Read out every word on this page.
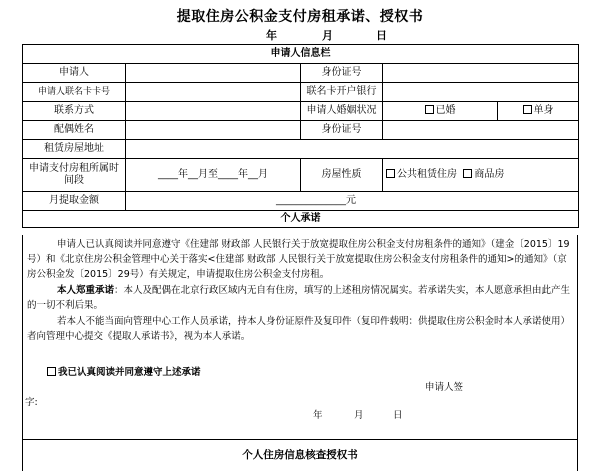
提取住房公积金支付房租承诺、授权书
年	月	日
申请人信息栏				
申请人		身份证号		
申请人联名卡卡号		联名卡开户银行		
联系方式		申请人婚姻状况	已婚	单身
配偶姓名		身份证号		
租赁房屋地址				
申请支付房租所属时间段	____年__月至____年__月	房屋性质	公共租赁住房 商品房	
月提取金额	______________元			
个人承诺				

申请人已认真阅读并同意遵守《住建部 财政部 人民银行关于放宽提取住房公积金支付房租条件的通知》（建金〔2015〕19号）和《北京住房公积金管理中心关于落实<住建部 财政部 人民银行关于放宽提取住房公积金支付房租条件的通知>的通知》（京房公积金发〔2015〕29号）有关规定，申请提取住房公积金支付房租。

本人郑重承诺：本人及配偶在北京行政区域内无自有住房，填写的上述租房情况属实。若承诺失实，本人愿意承担由此产生的一切不利后果。

若本人不能当面向管理中心工作人员承诺，持本人身份证原件及复印件（复印件载明：供提取住房公积金时本人承诺使用）者向管理中心提交《提取人承诺书》，视为本人承诺。

我已认真阅读并同意遵守上述承诺

申请人签

字:

年	月	日

个人住房信息核查授权书
